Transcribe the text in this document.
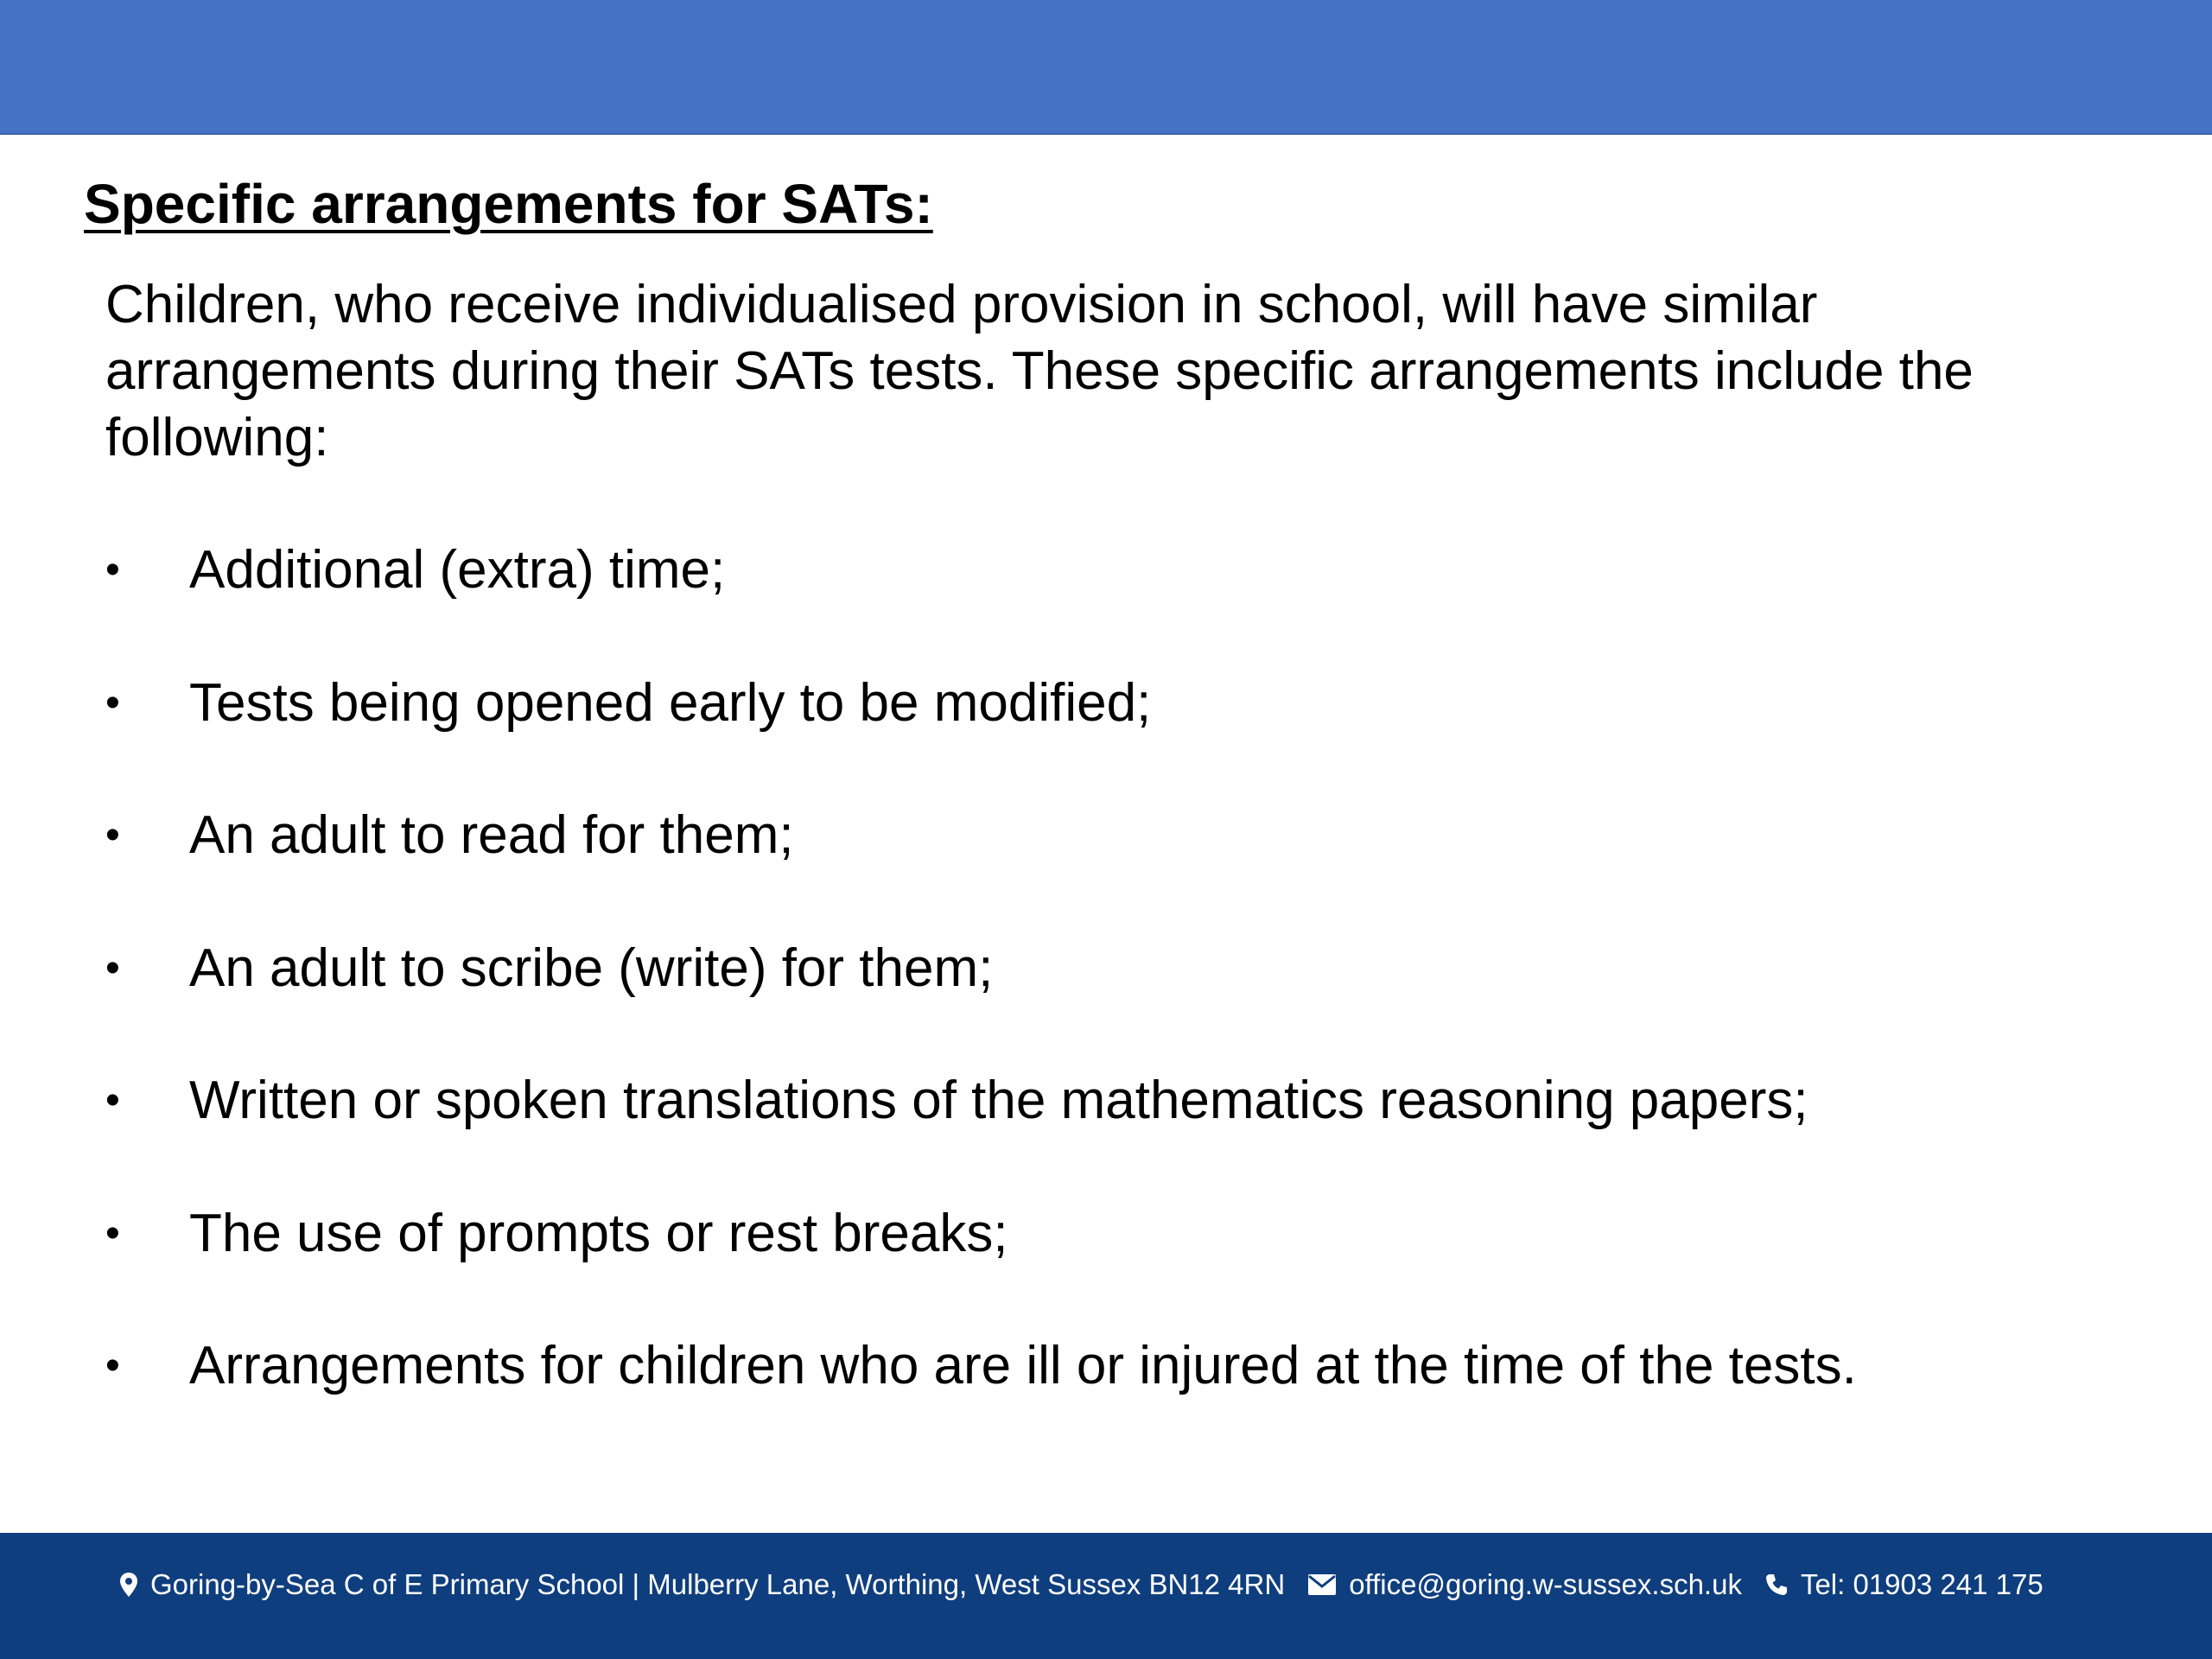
Specific arrangements for SATs:

Children, who receive individualised provision in school, will have similar arrangements during their SATs tests. These specific arrangements include the following:

• Additional (extra) time;
• Tests being opened early to be modified;
• An adult to read for them;
• An adult to scribe (write) for them;
• Written or spoken translations of the mathematics reasoning papers;
• The use of prompts or rest breaks;
• Arrangements for children who are ill or injured at the time of the tests.
Goring-by-Sea C of E Primary School | Mulberry Lane, Worthing, West Sussex BN12 4RN office@goring.w-sussex.sch.uk Tel: 01903 241 175
